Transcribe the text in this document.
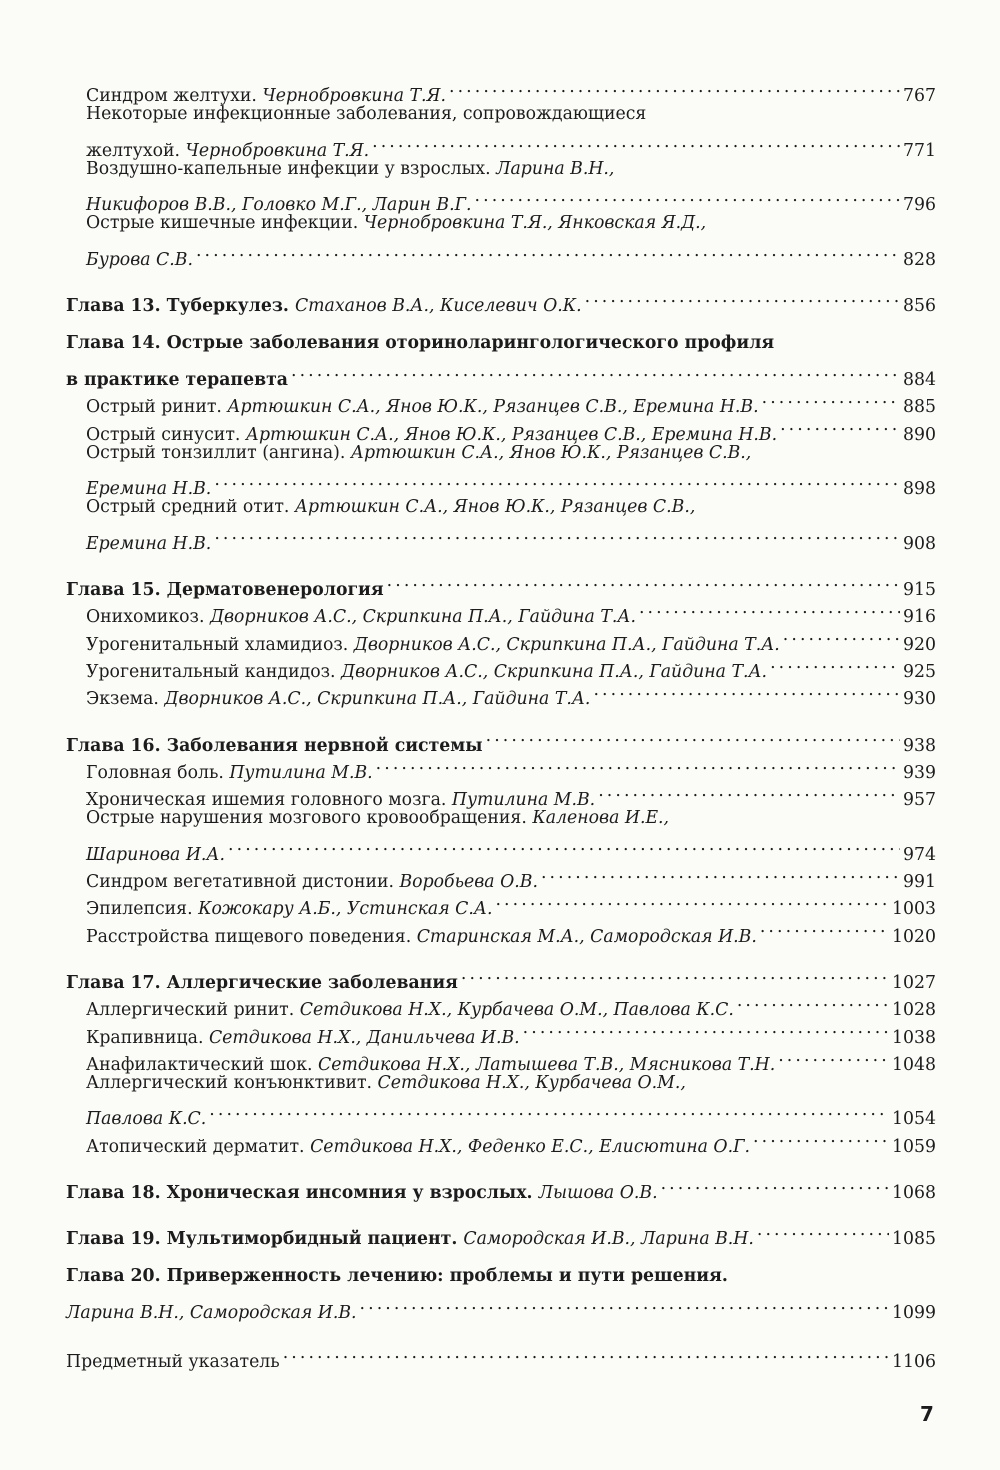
Синдром желтухи. Чернобровкина Т.Я. . . .	767
Некоторые инфекционные заболевания, сопровождающиеся
желтухой. Чернобровкина Т.Я. . . .	771
Воздушно-капельные инфекции у взрослых. Ларина В.Н.,
Никифоров В.В., Головко М.Г., Ларин В.Г. . . .	796
Острые кишечные инфекции. Чернобровкина Т.Я., Янковская Я.Д.,
Бурова С.В. . . .	828
Глава 13. Туберкулез. Стаханов В.А., Киселевич О.К. . . .	856
Глава 14. Острые заболевания оториноларингологического профиля
в практике терапевта . . .	884
Острый ринит. Артюшкин С.А., Янов Ю.К., Рязанцев С.В., Еремина Н.В. . . .	885
Острый синусит. Артюшкин С.А., Янов Ю.К., Рязанцев С.В., Еремина Н.В. . . .	890
Острый тонзиллит (ангина). Артюшкин С.А., Янов Ю.К., Рязанцев С.В.,
Еремина Н.В. . . .	898
Острый средний отит. Артюшкин С.А., Янов Ю.К., Рязанцев С.В.,
Еремина Н.В. . . .	908
Глава 15. Дерматовенерология . . .	915
Онихомикоз. Дворников А.С., Скрипкина П.А., Гайдина Т.А. . . .	916
Урогенитальный хламидиоз. Дворников А.С., Скрипкина П.А., Гайдина Т.А. . . .	920
Урогенитальный кандидоз. Дворников А.С., Скрипкина П.А., Гайдина Т.А. . . .	925
Экзема. Дворников А.С., Скрипкина П.А., Гайдина Т.А. . . .	930
Глава 16. Заболевания нервной системы . . .	938
Головная боль. Путилина М.В. . . .	939
Хроническая ишемия головного мозга. Путилина М.В. . . .	957
Острые нарушения мозгового кровообращения. Каленова И.Е.,
Шаринова И.А. . . .	974
Синдром вегетативной дистонии. Воробьева О.В. . . .	991
Эпилепсия. Кожокару А.Б., Устинская С.А. . . .	1003
Расстройства пищевого поведения. Старинская М.А., Самородская И.В. . . .	1020
Глава 17. Аллергические заболевания . . .	1027
Аллергический ринит. Сетдикова Н.Х., Курбачева О.М., Павлова К.С. . . .	1028
Крапивница. Сетдикова Н.Х., Данильчева И.В. . . .	1038
Анафилактический шок. Сетдикова Н.Х., Латышева Т.В., Мясникова Т.Н. . . .	1048
Аллергический конъюнктивит. Сетдикова Н.Х., Курбачева О.М.,
Павлова К.С. . . .	1054
Атопический дерматит. Сетдикова Н.Х., Феденко Е.С., Елисютина О.Г. . . .	1059
Глава 18. Хроническая инсомния у взрослых. Лышова О.В. . . .	1068
Глава 19. Мультиморбидный пациент. Самородская И.В., Ларина В.Н. . . .	1085
Глава 20. Приверженность лечению: проблемы и пути решения.
Ларина В.Н., Самородская И.В. . . .	1099
Предметный указатель . . .	1106
7
